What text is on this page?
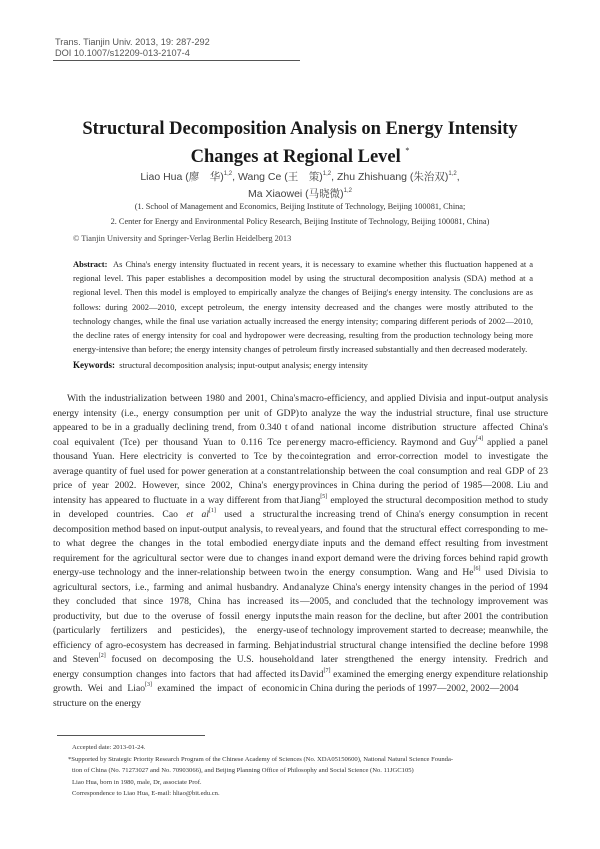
Trans. Tianjin Univ. 2013, 19: 287-292
DOI 10.1007/s12209-013-2107-4
Structural Decomposition Analysis on Energy Intensity
Changes at Regional Level *
Liao Hua (廖　华)$^{1,2}$, Wang Ce (王　策)$^{1,2}$, Zhu Zhishuang (朱治双)$^{1,2}$,
Ma Xiaowei (马晓微)$^{1,2}$
(1. School of Management and Economics, Beijing Institute of Technology, Beijing 100081, China;
2. Center for Energy and Environmental Policy Research, Beijing Institute of Technology, Beijing 100081, China)
© Tianjin University and Springer-Verlag Berlin Heidelberg 2013
Abstract: As China's energy intensity fluctuated in recent years, it is necessary to examine whether this fluctuation happened at a regional level. This paper establishes a decomposition model by using the structural decomposition analysis (SDA) method at a regional level. Then this model is employed to empirically analyze the changes of Beijing's energy intensity. The conclusions are as follows: during 2002—2010, except petroleum, the energy intensity decreased and the changes were mostly attributed to the technology changes, while the final use variation actually increased the energy intensity; comparing different periods of 2002—2010, the decline rates of energy intensity for coal and hydropower were decreasing, resulting from the production technology being more energy-intensive than before; the energy intensity changes of petroleum firstly increased substantially and then decreased moderately.
Keywords: structural decomposition analysis; input-output analysis; energy intensity
With the industrialization between 1980 and 2001, China's energy intensity (i.e., energy consumption per unit of GDP) appeared to be in a gradually declining trend, from 0.340 t of coal equivalent (Tce) per thousand Yuan to 0.116 Tce per thousand Yuan. Here electricity is converted to Tce by the average quantity of fuel used for power generation at a constant price of year 2002. However, since 2002, China's energy intensity has appeared to fluctuate in a way different from that in developed countries. Cao et al[1] used a structural decomposition method based on input-output analysis, to reveal to what degree the changes in the total embodied energy requirement for the agricultural sector were due to changes in energy-use technology and the inner-relationship between two agricultural sectors, i.e., farming and animal husbandry. And they concluded that since 1978, China has increased its productivity, but due to the overuse of fossil energy inputs (particularly fertilizers and pesticides), the energy-use efficiency of agro-ecosystem has decreased in farming. Behjat and Steven[2] focused on decomposing the U.S. household energy consumption changes into factors that had affected its growth. Wei and Liao[3] examined the impact of economic structure on the energy
macro-efficiency, and applied Divisia and input-output analysis to analyze the way the industrial structure, final use structure and national income distribution structure affected China's energy macro-efficiency. Raymond and Guy[4] applied a panel cointegration and error-correction model to investigate the relationship between the coal consumption and real GDP of 23 provinces in China during the period of 1985—2008. Liu and Jiang[5] employed the structural decomposition method to study the increasing trend of China's energy consumption in recent years, and found that the structural effect corresponding to mediate inputs and the demand effect resulting from investment and export demand were the driving forces behind rapid growth in the energy consumption. Wang and He[6] used Divisia to analyze China's energy intensity changes in the period of 1994—2005, and concluded that the technology improvement was the main reason for the decline, but after 2001 the contribution of technology improvement started to decrease; meanwhile, the industrial structural change intensified the decline before 1998 and later strengthened the energy intensity. Fredrich and David[7] examined the emerging energy expenditure relationship in China during the periods of 1997—2002, 2002—2004
Accepted date: 2013-01-24.
*Supported by Strategic Priority Research Program of the Chinese Academy of Sciences (No. XDA05150600), National Natural Science Founda-
tion of China (No. 71273027 and No. 70903066), and Beijing Planning Office of Philosophy and Social Science (No. 11JGC105)
Liao Hua, born in 1980, male, Dr, associate Prof.
Correspondence to Liao Hua, E-mail: hliao@bit.edu.cn.
